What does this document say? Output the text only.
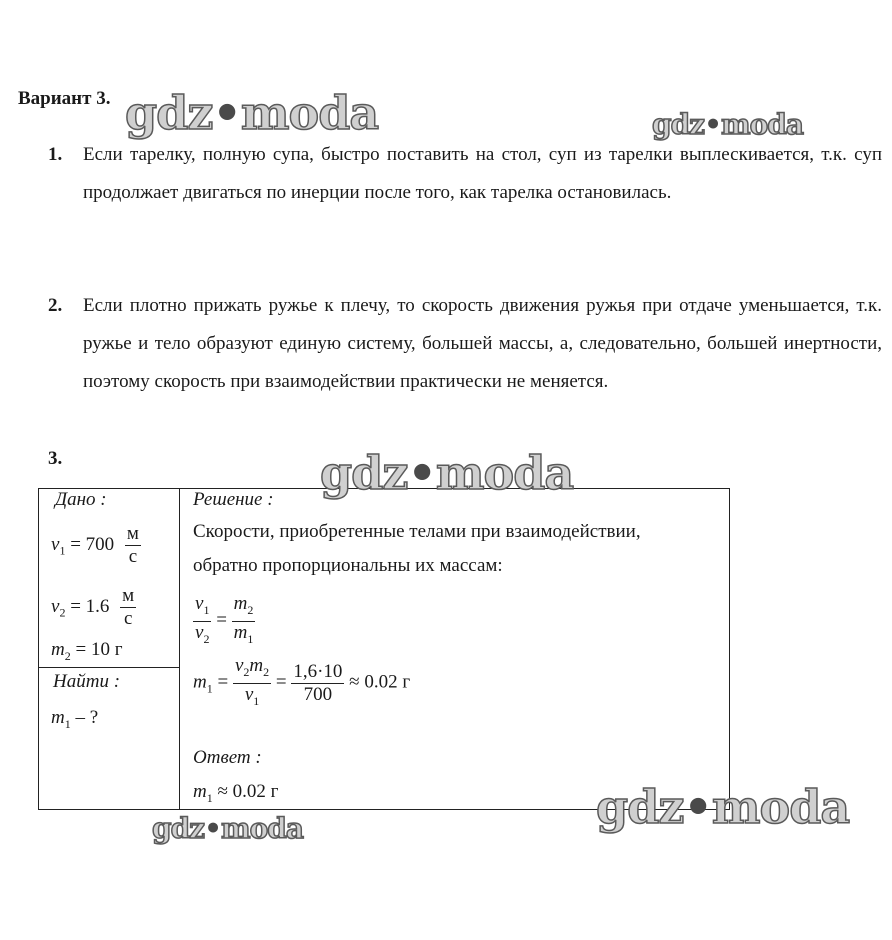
Вариант 3.
1. Если тарелку, полную супа, быстро поставить на стол, суп из тарелки выплескивается, т.к. суп продолжает двигаться по инерции после того, как тарелка остановилась.
2. Если плотно прижать ружье к плечу, то скорость движения ружья при отдаче уменьшается, т.к. ружье и тело образуют единую систему, большей массы, а, следовательно, большей инертности, поэтому скорость при взаимодействии практически не меняется.
3.
Дано :
$v_1 = 700 \frac{м}{с}$
$v_2 = 1.6 \frac{м}{с}$
$m_2 = 10$ г
Найти :
$m_1$ – ?
Решение :
Скорости, приобретенные телами при взаимодействии,
обратно пропорциональны их массам:
$\frac{v_1}{v_2} = \frac{m_2}{m_1}$
$m_1 = \frac{v_2m_2}{v_1} = \frac{1,6\cdot 10}{700} \approx 0.02$ г
Ответ :
$m_1 \approx 0.02$ г
gdz•moda	gdz•moda
gdz•moda
gdz•moda
gdz•moda
